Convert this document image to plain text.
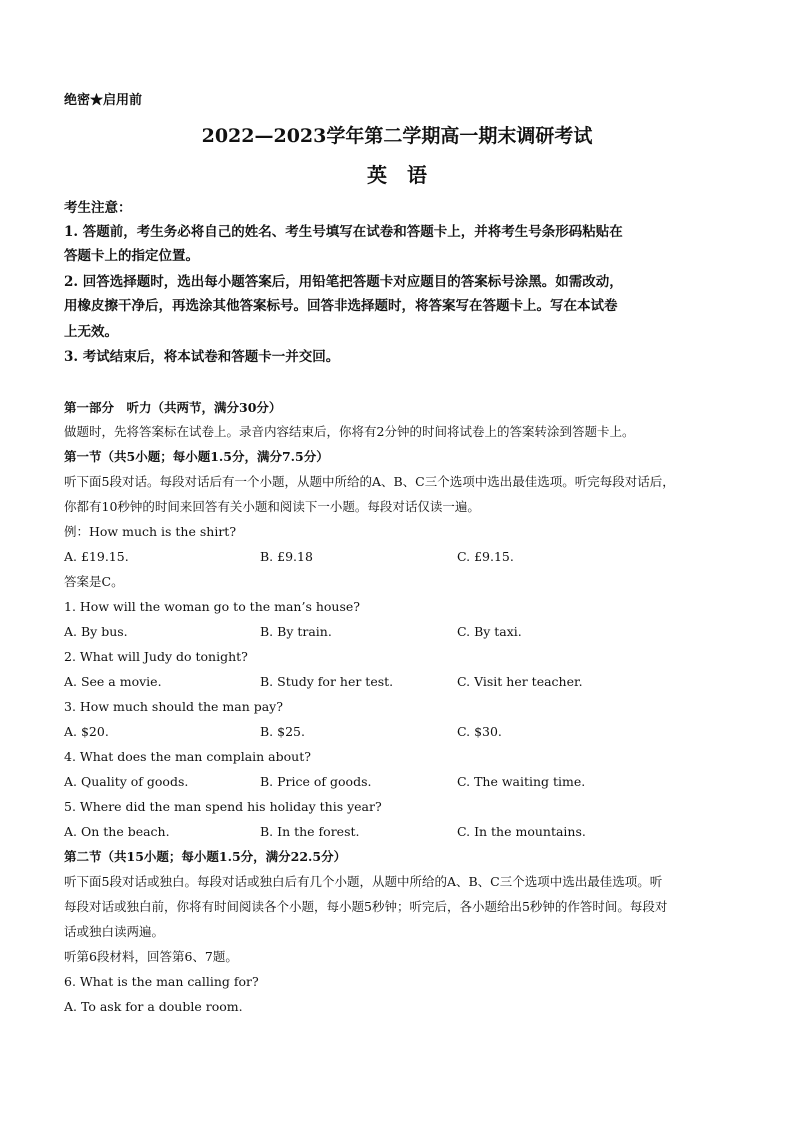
绝密★启用前
2022—2023学年第二学期高一期末调研考试
英　语
考生注意：
1. 答题前，考生务必将自己的姓名、考生号填写在试卷和答题卡上，并将考生号条形码粘贴在
答题卡上的指定位置。
2. 回答选择题时，选出每小题答案后，用铅笔把答题卡对应题目的答案标号涂黑。如需改动，
用橡皮擦干净后，再选涂其他答案标号。回答非选择题时，将答案写在答题卡上。写在本试卷
上无效。
3. 考试结束后，将本试卷和答题卡一并交回。
第一部分　听力（共两节，满分30分）
做题时，先将答案标在试卷上。录音内容结束后，你将有2分钟的时间将试卷上的答案转涂到答题卡上。
第一节（共5小题；每小题1.5分，满分7.5分）
听下面5段对话。每段对话后有一个小题，从题中所给的A、B、C三个选项中选出最佳选项。听完每段对话后，
你都有10秒钟的时间来回答有关小题和阅读下一小题。每段对话仅读一遍。
例：How much is the shirt?
A. £19.15.	B. £9.18	C. £9.15.
答案是C。
1. How will the woman go to the man’s house?
A. By bus.	B. By train.	C. By taxi.
2. What will Judy do tonight?
A. See a movie.	B. Study for her test.	C. Visit her teacher.
3. How much should the man pay?
A. $20.	B. $25.	C. $30.
4. What does the man complain about?
A. Quality of goods.	B. Price of goods.	C. The waiting time.
5. Where did the man spend his holiday this year?
A. On the beach.	B. In the forest.	C. In the mountains.
第二节（共15小题；每小题1.5分，满分22.5分）
听下面5段对话或独白。每段对话或独白后有几个小题，从题中所给的A、B、C三个选项中选出最佳选项。听
每段对话或独白前，你将有时间阅读各个小题，每小题5秒钟；听完后，各小题给出5秒钟的作答时间。每段对
话或独白读两遍。
听第6段材料，回答第6、7题。
6. What is the man calling for?
A. To ask for a double room.
